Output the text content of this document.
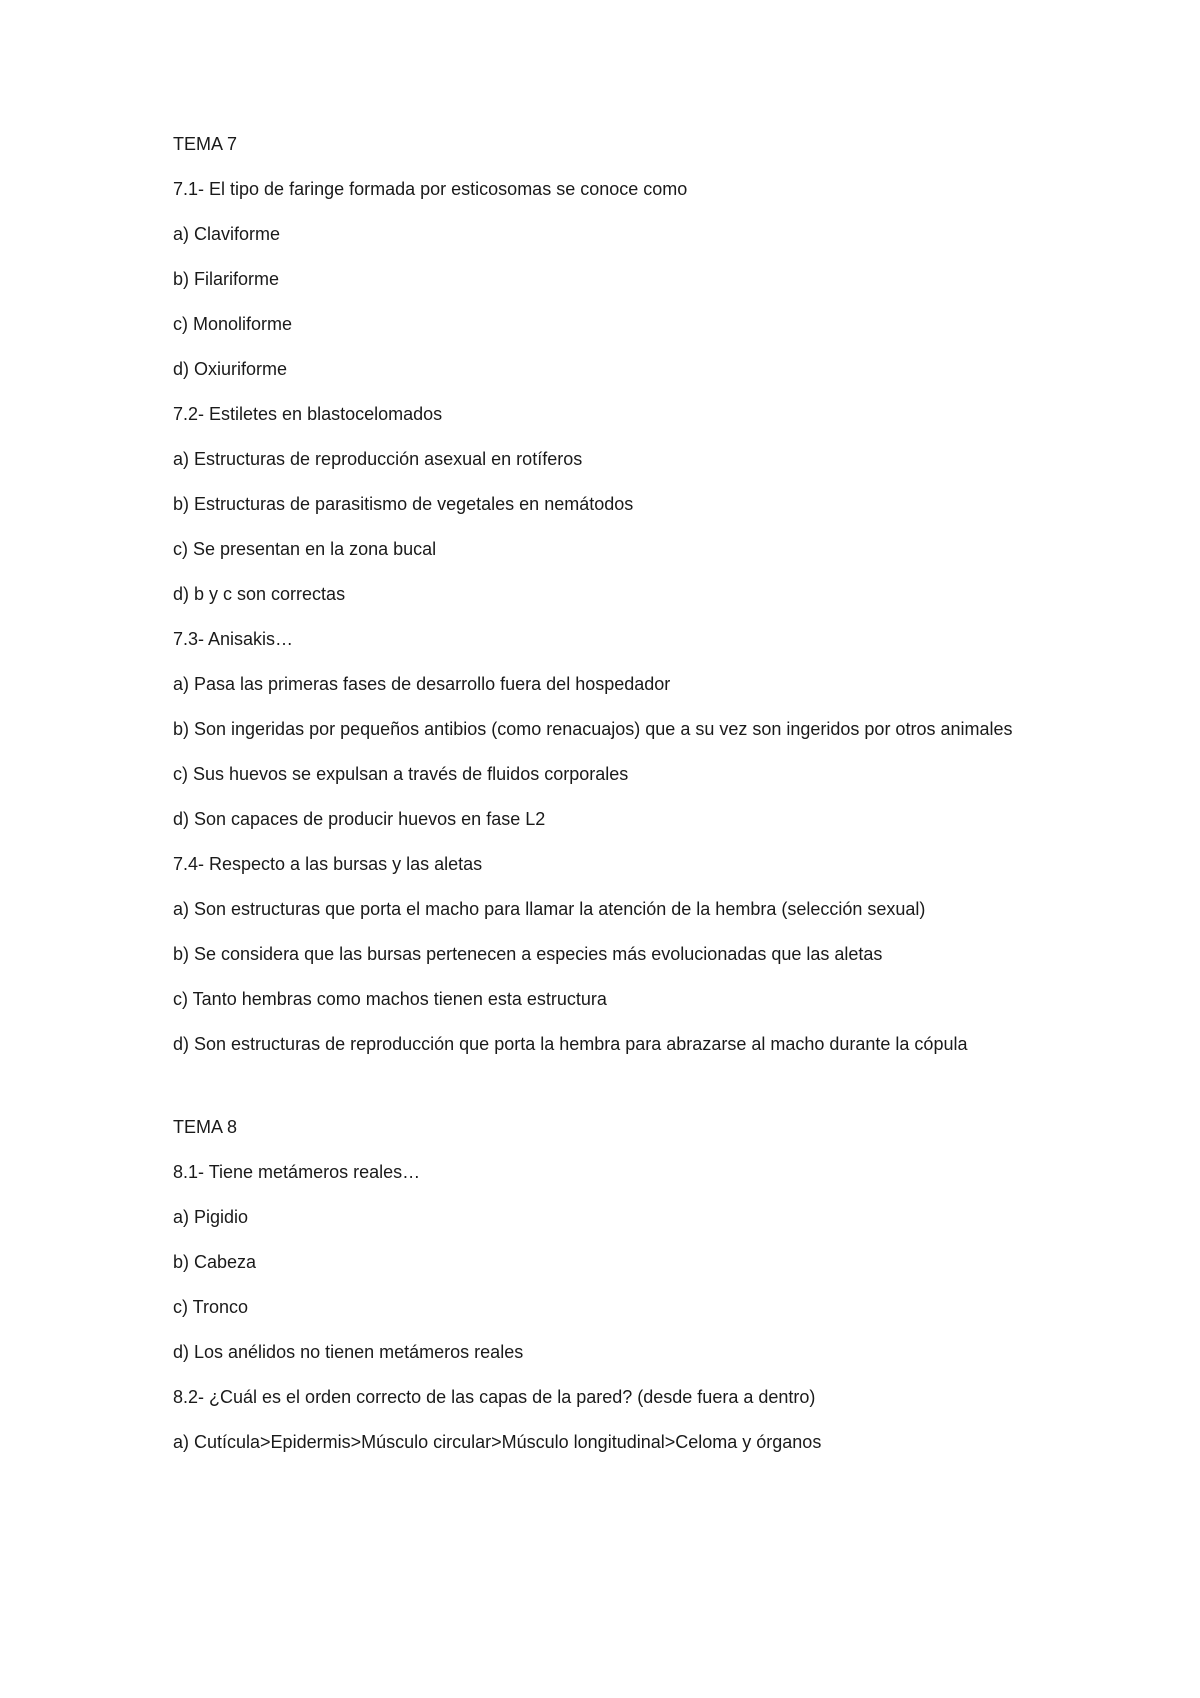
TEMA 7

7.1- El tipo de faringe formada por esticosomas se conoce como

a) Claviforme

b) Filariforme

c) Monoliforme

d) Oxiuriforme

7.2- Estiletes en blastocelomados

a) Estructuras de reproducción asexual en rotíferos

b) Estructuras de parasitismo de vegetales en nemátodos

c) Se presentan en la zona bucal

d) b y c son correctas

7.3- Anisakis…

a) Pasa las primeras fases de desarrollo fuera del hospedador

b) Son ingeridas por pequeños antibios (como renacuajos) que a su vez son ingeridos por otros animales

c) Sus huevos se expulsan a través de fluidos corporales

d) Son capaces de producir huevos en fase L2

7.4- Respecto a las bursas y las aletas

a) Son estructuras que porta el macho para llamar la atención de la hembra (selección sexual)

b) Se considera que las bursas pertenecen a especies más evolucionadas que las aletas

c) Tanto hembras como machos tienen esta estructura

d) Son estructuras de reproducción que porta la hembra para abrazarse al macho durante la cópula

TEMA 8

8.1- Tiene metámeros reales…

a) Pigidio

b) Cabeza

c) Tronco

d) Los anélidos no tienen metámeros reales

8.2- ¿Cuál es el orden correcto de las capas de la pared? (desde fuera a dentro)

a) Cutícula>Epidermis>Músculo circular>Músculo longitudinal>Celoma y órganos
